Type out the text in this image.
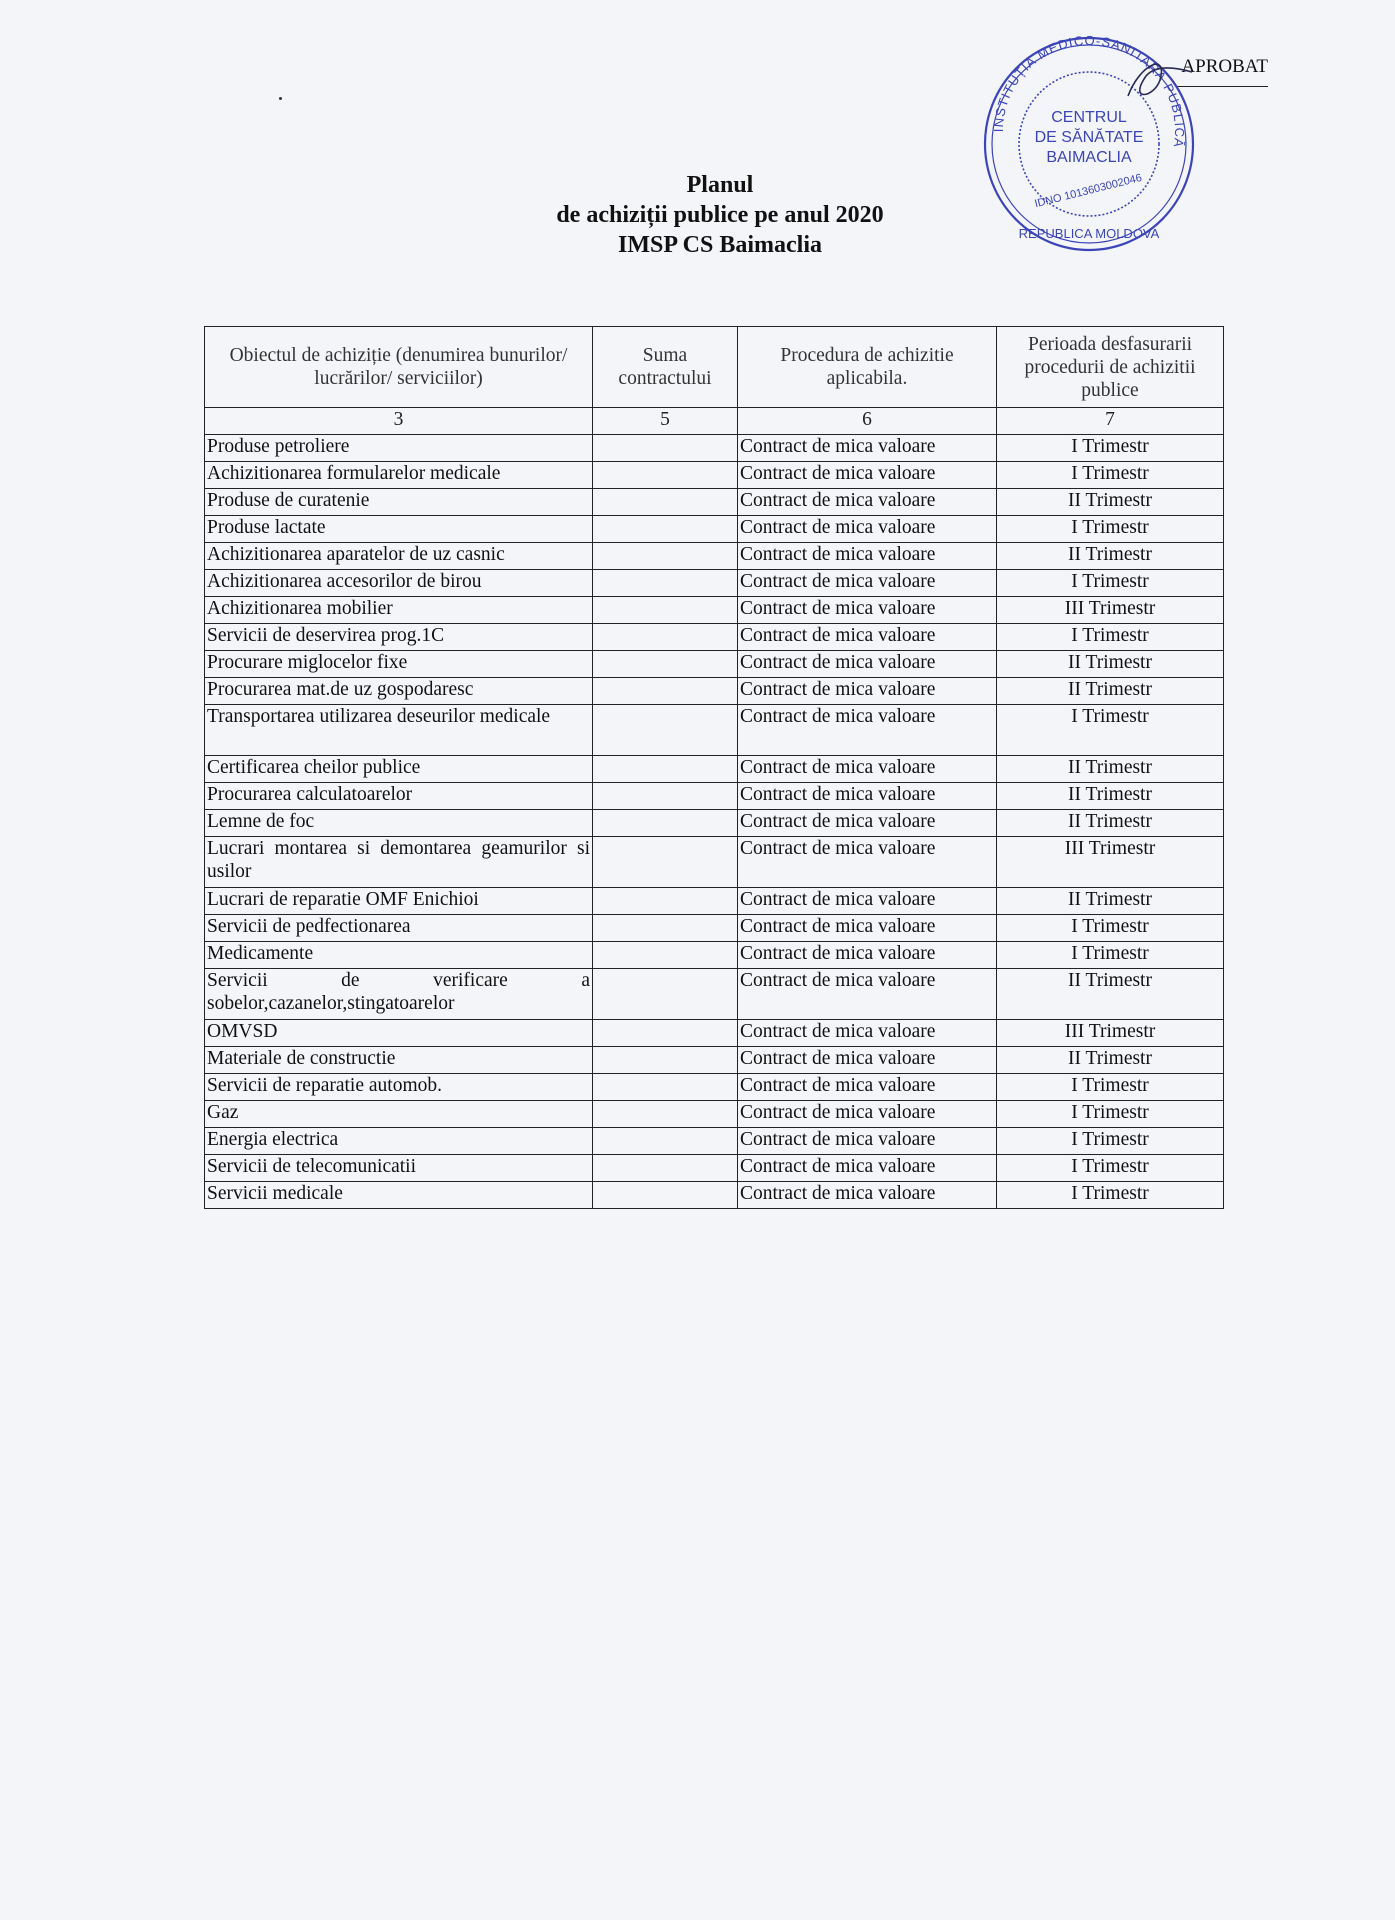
APROBAT
INSTITUȚIA MEDICO-SANITARĂ PUBLICĂ
CENTRUL
DE SĂNĂTATE
BAIMACLIA
IDNO 1013603002046
REPUBLICA MOLDOVA
Planul
de achiziții publice pe anul 2020
IMSP CS Baimaclia
Obiectul de achiziție (denumirea bunurilor/ lucrărilor/ serviciilor)	Suma contractului	Procedura de achizitie aplicabila.	Perioada desfasurarii procedurii de achizitii publice
3	5	6	7
Produse petroliere		Contract de mica valoare	I Trimestr
Achizitionarea formularelor medicale		Contract de mica valoare	I Trimestr
Produse de curatenie		Contract de mica valoare	II Trimestr
Produse lactate		Contract de mica valoare	I Trimestr
Achizitionarea aparatelor de uz casnic		Contract de mica valoare	II Trimestr
Achizitionarea accesorilor de birou		Contract de mica valoare	I Trimestr
Achizitionarea mobilier		Contract de mica valoare	III Trimestr
Servicii de deservirea prog.1C		Contract de mica valoare	I Trimestr
Procurare miglocelor fixe		Contract de mica valoare	II Trimestr
Procurarea mat.de uz gospodaresc		Contract de mica valoare	II Trimestr
Transportarea utilizarea deseurilor medicale		Contract de mica valoare	I Trimestr
Certificarea cheilor publice		Contract de mica valoare	II Trimestr
Procurarea calculatoarelor		Contract de mica valoare	II Trimestr
Lemne de foc		Contract de mica valoare	II Trimestr
Lucrari montarea si demontarea geamurilor si usilor		Contract de mica valoare	III Trimestr
Lucrari de reparatie OMF Enichioi		Contract de mica valoare	II Trimestr
Servicii de pedfectionarea		Contract de mica valoare	I Trimestr
Medicamente		Contract de mica valoare	I Trimestr
Servicii de verificare a sobelor,cazanelor,stingatoarelor		Contract de mica valoare	II Trimestr
OMVSD		Contract de mica valoare	III Trimestr
Materiale de constructie		Contract de mica valoare	II Trimestr
Servicii de reparatie automob.		Contract de mica valoare	I Trimestr
Gaz		Contract de mica valoare	I Trimestr
Energia electrica		Contract de mica valoare	I Trimestr
Servicii de telecomunicatii		Contract de mica valoare	I Trimestr
Servicii medicale		Contract de mica valoare	I Trimestr
